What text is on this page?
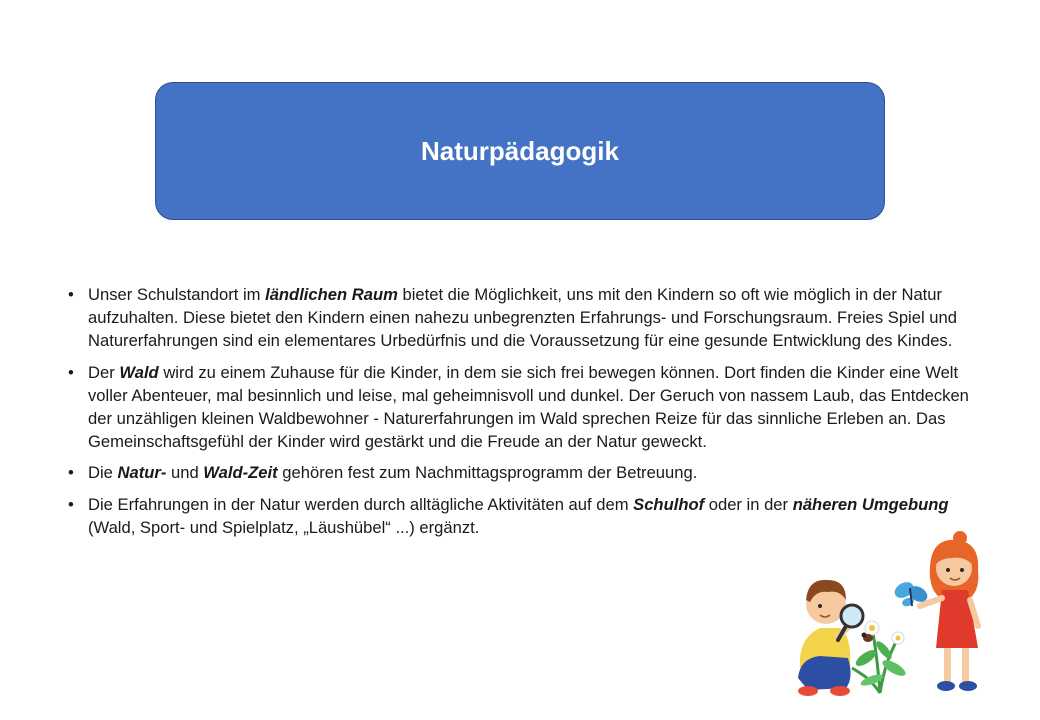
Naturpädagogik
• Unser Schulstandort im ländlichen Raum bietet die Möglichkeit, uns mit den Kindern so oft wie möglich in der Natur aufzuhalten. Diese bietet den Kindern einen nahezu unbegrenzten Erfahrungs- und Forschungsraum. Freies Spiel und Naturerfahrungen sind ein elementares Urbedürfnis und die Voraussetzung für eine gesunde Entwicklung des Kindes.
• Der Wald wird zu einem Zuhause für die Kinder, in dem sie sich frei bewegen können. Dort finden die Kinder eine Welt voller Abenteuer, mal besinnlich und leise, mal geheimnisvoll und dunkel. Der Geruch von nassem Laub, das Entdecken der unzähligen kleinen Waldbewohner - Naturerfahrungen im Wald sprechen Reize für das sinnliche Erleben an. Das Gemeinschaftsgefühl der Kinder wird gestärkt und die Freude an der Natur geweckt.
• Die Natur- und Wald-Zeit gehören fest zum Nachmittagsprogramm der Betreuung.
• Die Erfahrungen in der Natur werden durch alltägliche Aktivitäten auf dem Schulhof oder in der näheren Umgebung (Wald, Sport- und Spielplatz, „Läushübel“ ...) ergänzt.
